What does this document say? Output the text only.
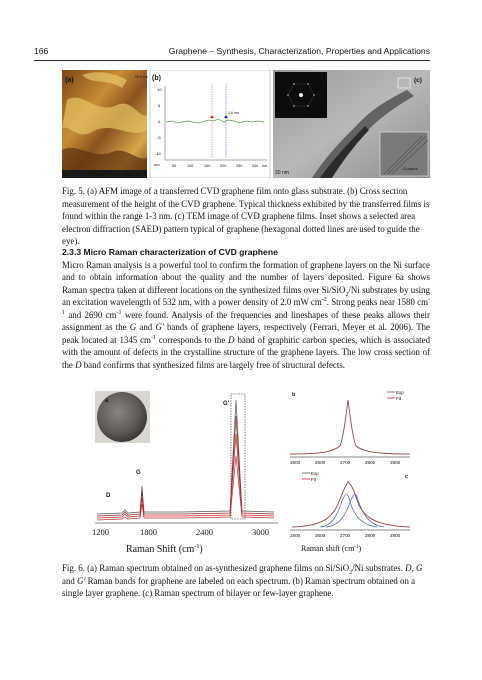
166	Graphene – Synthesis, Characterization, Properties and Applications
(a)	50.0 nm
0.0	1: Height	500.0 nm
(b)
10
5
0
-5
-10
nm
1.6 nm
50	100	150	200	250	300 nm
(c)
20 nm
3 Layers
Fig. 5. (a) AFM image of a transferred CVD graphene film onto glass substrate. (b) Cross section measurement of the height of the CVD graphene. Typical thickness exhibited by the transferred films is found within the range 1-3 nm. (c) TEM image of CVD graphene films. Inset shows a selected area electron diffraction (SAED) pattern typical of graphene (hexagonal dotted lines are used to guide the eye).
2.3.3 Micro Raman characterization of CVD graphene
Micro Raman analysis is a powerful tool to confirm the formation of graphene layers on the Ni surface and to obtain information about the quality and the number of layers deposited. Figure 6a shows Raman spectra taken at different locations on the synthesized films over Si/SiO$_2$/Ni substrates by using an excitation wavelength of 532 nm, with a power density of 2.0 mW $cm^{-2}$. Strong peaks near 1580 $cm^{-1}$ and 2690 $cm^{-1}$ were found. Analysis of the frequencies and lineshapes of these peaks allows their assignment as the G and G' bands of graphene layers, respectively (Ferrari, Meyer et al. 2006). The peak located at 1345 $cm^{-1}$ corresponds to the D band of graphitic carbon species, which is associated with the amount of defects in the crystalline structure of the graphene layers. The low cross section of the D band confirms that synthesized films are largely free of structural defects.
a	G'
G
D
1200	1800	2400	3000
Raman Shift $(cm^{-1})$
b	Exp
Fit
2500	2600	2700	2800	2900
c
Exp
Fit
2500	2600	2700	2800	2900
Raman shift $(cm^{-1})$
Fig. 6. (a) Raman spectrum obtained on as-synthesized graphene films on Si/SiO$_2$/Ni substrates. D, G and G' Raman bands for graphene are labeled on each spectrum. (b) Raman spectrum obtained on a single layer graphene. (c) Raman spectrum of bilayer or few-layer graphene.
